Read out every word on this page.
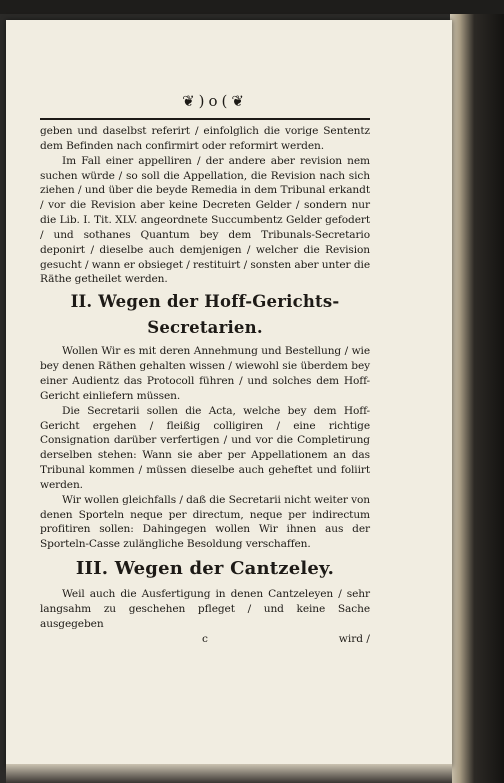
❦)o(❦

geben und daselbst referirt / einfolglich die vorige Sententz dem Befinden nach confirmirt oder reformirt werden.

Im Fall einer appelliren / der andere aber revision nem suchen würde / so soll die Appellation, die Revision nach sich ziehen / und über die beyde Remedia in dem Tribunal erkandt / vor die Revision aber keine Decreten Gelder / sondern nur die Lib. I. Tit. XLV. angeordnete Succumbentz Gelder gefodert / und sothanes Quantum bey dem Tribunals-Secretario deponirt / dieselbe auch demjenigen / welcher die Revision gesucht / wann er obsieget / restituirt / sonsten aber unter die Räthe getheilet werden.

II. Wegen der Hoff-Gerichts-Secretarien.

Wollen Wir es mit deren Annehmung und Bestellung / wie bey denen Räthen gehalten wissen / wiewohl sie überdem bey einer Audientz das Protocoll führen / und solches dem Hoff-Gericht einliefern müssen.

Die Secretarii sollen die Acta, welche bey dem Hoff-Gericht ergehen / fleißig colligiren / eine richtige Consignation darüber verfertigen / und vor die Completirung derselben stehen: Wann sie aber per Appellationem an das Tribunal kommen / müssen dieselbe auch geheftet und foliirt werden.

Wir wollen gleichfalls / daß die Secretarii nicht weiter von denen Sporteln neque per directum, neque per indirectum profitiren sollen: Dahingegen wollen Wir ihnen aus der Sporteln-Casse zulängliche Besoldung verschaffen.

III. Wegen der Cantzeley.

Weil auch die Ausfertigung in denen Cantzeleyen / sehr langsahm zu geschehen pfleget / und keine Sache ausgegeben

c	wird /
